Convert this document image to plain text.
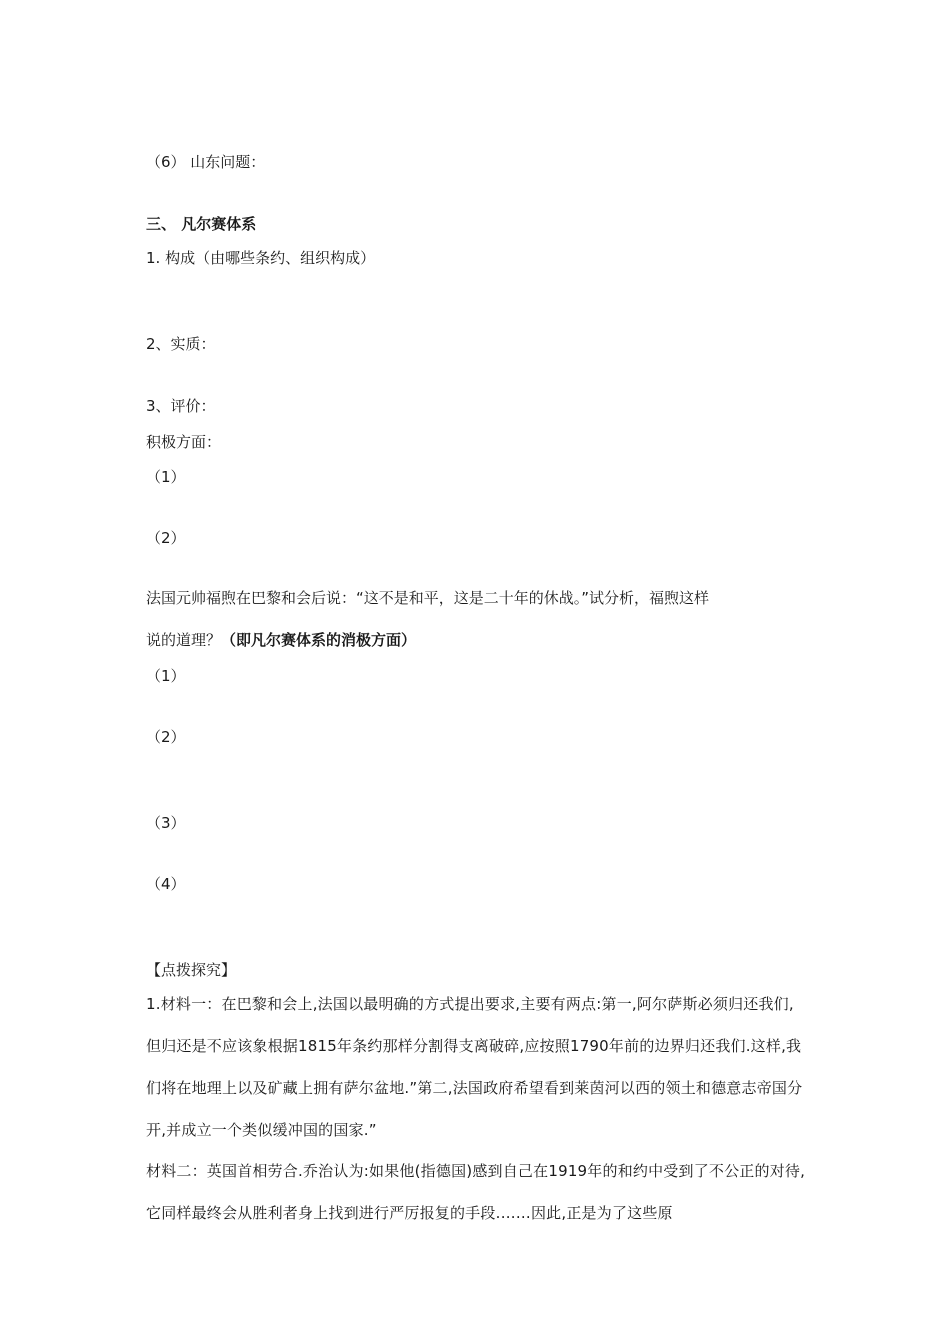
（6） 山东问题：
三、 凡尔赛体系
1. 构成（由哪些条约、组织构成）
2、实质：
3、评价：
积极方面：
（1）
（2）
法国元帅福煦在巴黎和会后说：“这不是和平，这是二十年的休战。”试分析，福煦这样
说的道理？（即凡尔赛体系的消极方面）
（1）
（2）
（3）
（4）
【点拨探究】
1.材料一：在巴黎和会上,法国以最明确的方式提出要求,主要有两点:第一,阿尔萨斯必须归还我们,但归还是不应该象根据1815年条约那样分割得支离破碎,应按照1790年前的边界归还我们.这样,我们将在地理上以及矿藏上拥有萨尔盆地.”第二,法国政府希望看到莱茵河以西的领土和德意志帝国分开,并成立一个类似缓冲国的国家.”
材料二：英国首相劳合.乔治认为:如果他(指德国)感到自己在1919年的和约中受到了不公正的对待,它同样最终会从胜利者身上找到进行严厉报复的手段.……因此,正是为了这些原
